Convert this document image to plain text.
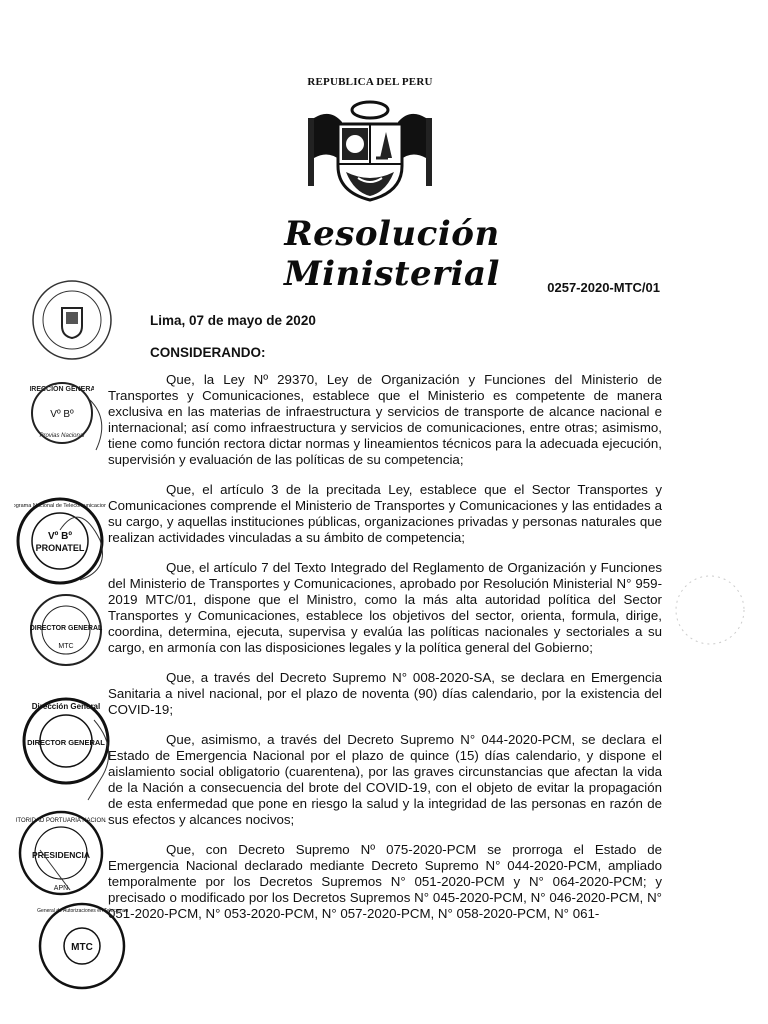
REPUBLICA DEL PERU
Resolución Ministerial	0257-2020-MTC/01
Lima, 07 de mayo de 2020
CONSIDERANDO:

Que, la Ley Nº 29370, Ley de Organización y Funciones del Ministerio de Transportes y Comunicaciones, establece que el Ministerio es competente de manera exclusiva en las materias de infraestructura y servicios de transporte de alcance nacional e internacional; así como infraestructura y servicios de comunicaciones, entre otras; asimismo, tiene como función rectora dictar normas y lineamientos técnicos para la adecuada ejecución, supervisión y evaluación de las políticas de su competencia;

Que, el artículo 3 de la precitada Ley, establece que el Sector Transportes y Comunicaciones comprende el Ministerio de Transportes y Comunicaciones y las entidades a su cargo, y aquellas instituciones públicas, organizaciones privadas y personas naturales que realizan actividades vinculadas a su ámbito de competencia;

Que, el artículo 7 del Texto Integrado del Reglamento de Organización y Funciones del Ministerio de Transportes y Comunicaciones, aprobado por Resolución Ministerial N° 959-2019 MTC/01, dispone que el Ministro, como la más alta autoridad política del Sector Transportes y Comunicaciones, establece los objetivos del sector, orienta, formula, dirige, coordina, determina, ejecuta, supervisa y evalúa las políticas nacionales y sectoriales a su cargo, en armonía con las disposiciones legales y la política general del Gobierno;

Que, a través del Decreto Supremo N° 008-2020-SA, se declara en Emergencia Sanitaria a nivel nacional, por el plazo de noventa (90) días calendario, por la existencia del COVID-19;

Que, asimismo, a través del Decreto Supremo N° 044-2020-PCM, se declara el Estado de Emergencia Nacional por el plazo de quince (15) días calendario, y dispone el aislamiento social obligatorio (cuarentena), por las graves circunstancias que afectan la vida de la Nación a consecuencia del brote del COVID-19, con el objeto de evitar la propagación de esta enfermedad que pone en riesgo la salud y la integridad de las personas en razón de sus efectos y alcances nocivos;

Que, con Decreto Supremo Nº 075-2020-PCM se prorroga el Estado de Emergencia Nacional declarado mediante Decreto Supremo N° 044-2020-PCM, ampliado temporalmente por los Decretos Supremos N° 051-2020-PCM y N° 064-2020-PCM; y precisado o modificado por los Decretos Supremos N° 045-2020-PCM, N° 046-2020-PCM, N° 051-2020-PCM, N° 053-2020-PCM, N° 057-2020-PCM, N° 058-2020-PCM, N° 061-

RECCIÓN GENERA
Vº Bº
Provias Nacional
ograma Nacional de Telecomunicacion
Vº Bº
PRONATEL
DIRECTOR GENERAL
MTC
Dirección General
DIRECTOR GENERAL
TORIDAD PORTUARIA NACION
PRESIDENCIA
APN
General de Autorizaciones en Telecomun
MTC
